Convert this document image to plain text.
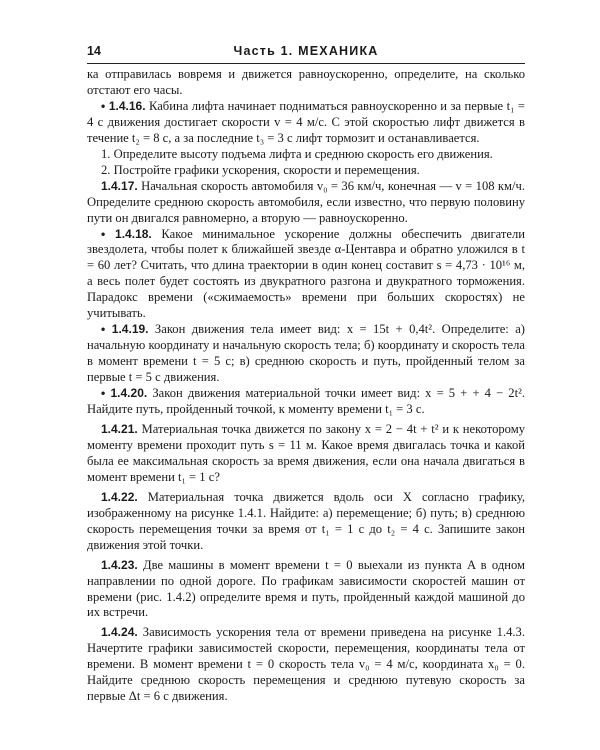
14	Часть 1. МЕХАНИКА

ка отправилась вовремя и движется равноускоренно, определите, на сколько отстают его часы.

• 1.4.16. Кабина лифта начинает подниматься равноускоренно и за первые t₁ = 4 с движения достигает скорости v = 4 м/с. С этой скоростью лифт движется в течение t₂ = 8 с, а за последние t₃ = 3 с лифт тормозит и останавливается.

1. Определите высоту подъема лифта и среднюю скорость его движения.

2. Постройте графики ускорения, скорости и перемещения.

1.4.17. Начальная скорость автомобиля v₀ = 36 км/ч, конечная — v = 108 км/ч. Определите среднюю скорость автомобиля, если известно, что первую половину пути он двигался равномерно, а вторую — равноускоренно.

• 1.4.18. Какое минимальное ускорение должны обеспечить двигатели звездолета, чтобы полет к ближайшей звезде α-Центавра и обратно уложился в t = 60 лет? Считать, что длина траектории в один конец составит s = 4,73 · 10¹⁶ м, а весь полет будет состоять из двукратного разгона и двукратного торможения. Парадокс времени («сжимаемость» времени при больших скоростях) не учитывать.

• 1.4.19. Закон движения тела имеет вид: x = 15t + 0,4t². Определите: а) начальную координату и начальную скорость тела; б) координату и скорость тела в момент времени t = 5 с; в) среднюю скорость и путь, пройденный телом за первые t = 5 с движения.

• 1.4.20. Закон движения материальной точки имеет вид: x = 5 + + 4 − 2t². Найдите путь, пройденный точкой, к моменту времени t₁ = 3 с.

1.4.21. Материальная точка движется по закону x = 2 − 4t + t² и к некоторому моменту времени проходит путь s = 11 м. Какое время двигалась точка и какой была ее максимальная скорость за время движения, если она начала двигаться в момент времени t₁ = 1 с?

1.4.22. Материальная точка движется вдоль оси X согласно графику, изображенному на рисунке 1.4.1. Найдите: а) перемещение; б) путь; в) среднюю скорость перемещения точки за время от t₁ = 1 с до t₂ = 4 с. Запишите закон движения этой точки.

1.4.23. Две машины в момент времени t = 0 выехали из пункта A в одном направлении по одной дороге. По графикам зависимости скоростей машин от времени (рис. 1.4.2) определите время и путь, пройденный каждой машиной до их встречи.

1.4.24. Зависимость ускорения тела от времени приведена на рисунке 1.4.3. Начертите графики зависимостей скорости, перемещения, координаты тела от времени. В момент времени t = 0 скорость тела v₀ = 4 м/с, координата x₀ = 0. Найдите среднюю скорость перемещения и среднюю путевую скорость за первые Δt = 6 с движения.
